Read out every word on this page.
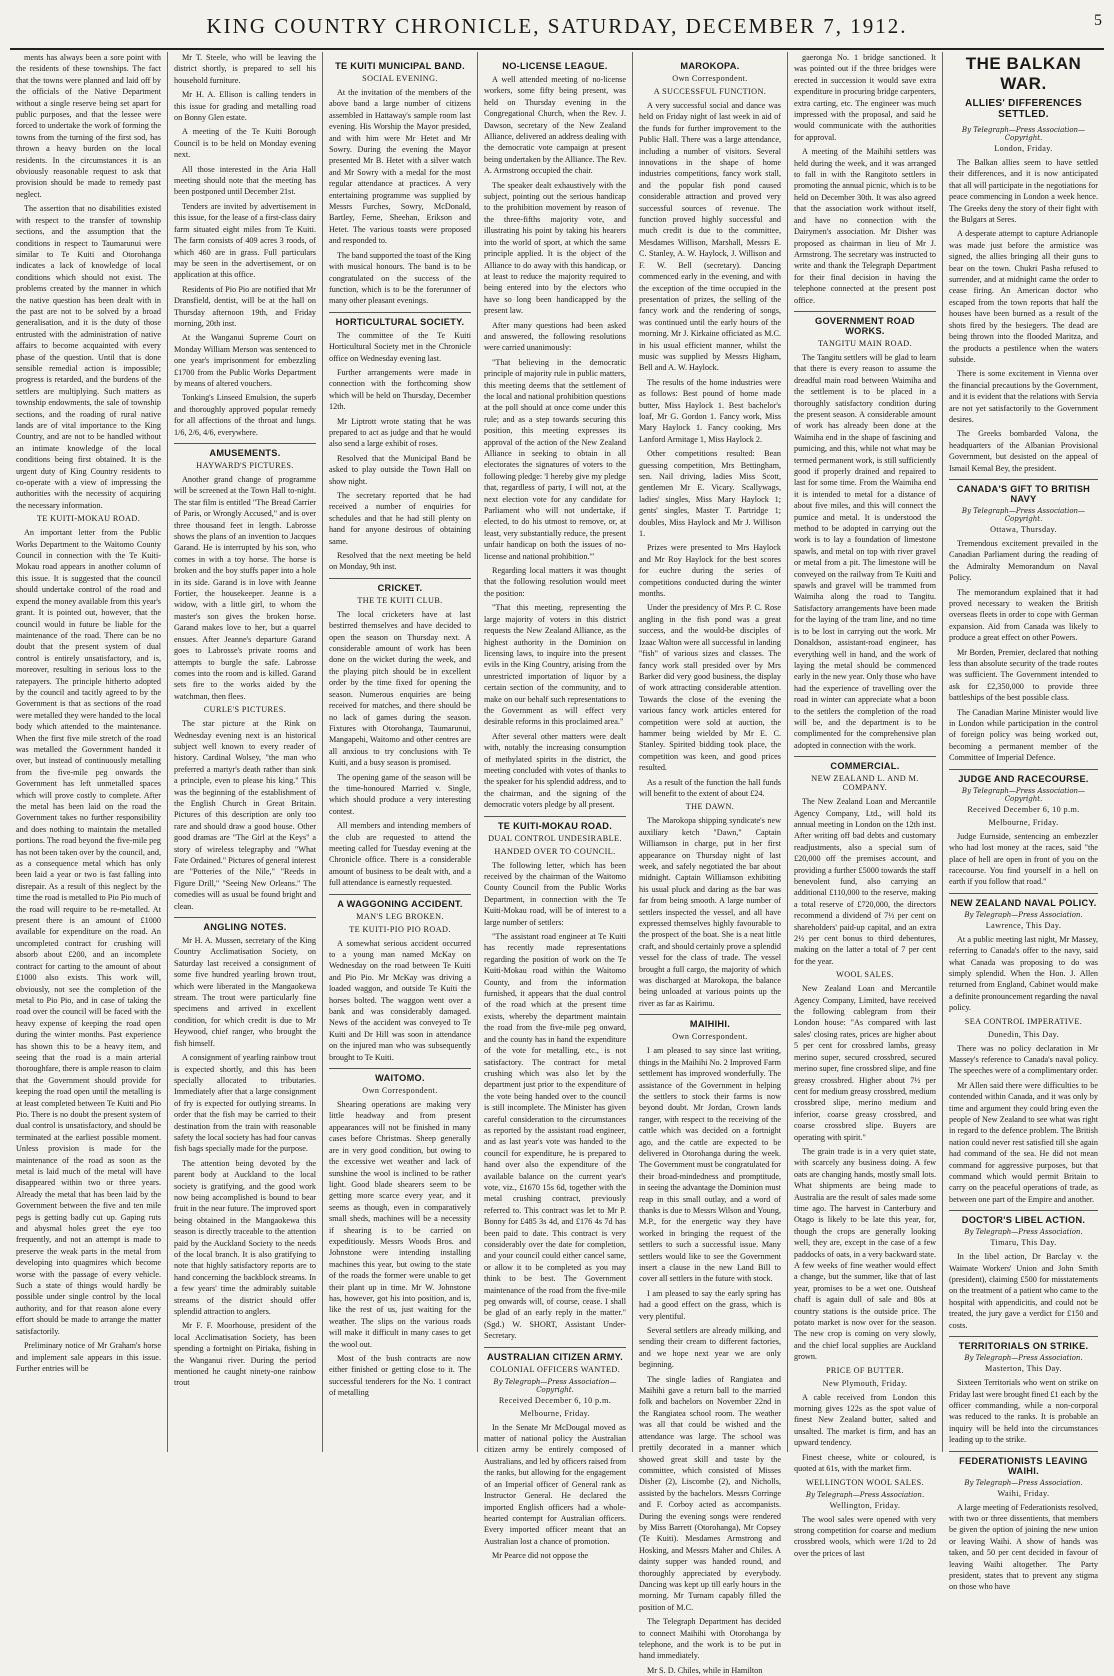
KING COUNTRY CHRONICLE, SATURDAY, DECEMBER 7, 1912.	5

ments has always been a sore point with the residents of these townships. The fact that the towns were planned and laid off by the officials of the Native Department without a single reserve being set apart for public purposes, and that the lessee were forced to undertake the work of forming the towns from the turning of the first sod, has thrown a heavy burden on the local residents. In the circumstances it is an obviously reasonable request to ask that provision should be made to remedy past neglect.

The assertion that no disabilities existed with respect to the transfer of township sections, and the assumption that the conditions in respect to Taumarunui were similar to Te Kuiti and Otorohanga indicates a lack of knowledge of local conditions which should not exist. The problems created by the manner in which the native question has been dealt with in the past are not to be solved by a broad generalisation, and it is the duty of those entrusted with the administration of native affairs to become acquainted with every phase of the question. Until that is done sensible remedial action is impossible; progress is retarded, and the burdens of the settlers are multiplying. Such matters as township endowments, the sale of township sections, and the roading of rural native lands are of vital importance to the King Country, and are not to be handled without an intimate knowledge of the local conditions being first obtained. It is the urgent duty of King Country residents to co-operate with a view of impressing the authorities with the necessity of acquiring the necessary information.

TE KUITI-MOKAU ROAD.

An important letter from the Public Works Department to the Waitomo County Council in connection with the Te Kuiti-Mokau road appears in another column of this issue. It is suggested that the council should undertake control of the road and expend the money available from this year's grant. It is pointed out, however, that the council would in future be liable for the maintenance of the road. There can be no doubt that the present system of dual control is entirely unsatisfactory, and is, moreover, resulting in serious loss to the ratepayers. The principle hitherto adopted by the council and tacitly agreed to by the Government is that as sections of the road were metalled they were handed to the local body which attended to the maintenance. When the first five mile stretch of the road was metalled the Government handed it over, but instead of continuously metalling from the five-mile peg onwards the Government has left unmetalled spaces which will prove costly to complete. After the metal has been laid on the road the Government takes no further responsibility and does nothing to maintain the metalled portions. The road beyond the five-mile peg has not been taken over by the council, and, as a consequence metal which has only been laid a year or two is fast falling into disrepair. As a result of this neglect by the time the road is metalled to Pio Pio much of the road will require to be re-metalled. At present there is an amount of £1000 available for expenditure on the road. An uncompleted contract for crushing will absorb about £200, and an incomplete contract for carting to the amount of about £1000 also exists. This work will, obviously, not see the completion of the metal to Pio Pio, and in case of taking the road over the council will be faced with the heavy expense of keeping the road open during the winter months. Past experience has shown this to be a heavy item, and seeing that the road is a main arterial thoroughfare, there is ample reason to claim that the Government should provide for keeping the road open until the metalling is at least completed between Te Kuiti and Pio Pio. There is no doubt the present system of dual control is unsatisfactory, and should be terminated at the earliest possible moment. Unless provision is made for the maintenance of the road as soon as the metal is laid much of the metal will have disappeared within two or three years. Already the metal that has been laid by the Government between the five and ten mile pegs is getting badly cut up. Gaping ruts and abysmal holes greet the eye too frequently, and not an attempt is made to preserve the weak parts in the metal from developing into quagmires which become worse with the passage of every vehicle. Such a state of things would hardly be possible under single control by the local authority, and for that reason alone every effort should be made to arrange the matter satisfactorily.

Preliminary notice of Mr Graham's horse and implement sale appears in this issue. Further entries will be

Mr T. Steele, who will be leaving the district shortly, is prepared to sell his household furniture.

Mr H. A. Ellison is calling tenders in this issue for grading and metalling road on Bonny Glen estate.

A meeting of the Te Kuiti Borough Council is to be held on Monday evening next.

All those interested in the Aria Hall meeting should note that the meeting has been postponed until December 21st.

Tenders are invited by advertisement in this issue, for the lease of a first-class dairy farm situated eight miles from Te Kuiti. The farm consists of 409 acres 3 roods, of which 460 are in grass. Full particulars may be seen in the advertisement, or on application at this office.

Residents of Pio Pio are notified that Mr Dransfield, dentist, will be at the hall on Thursday afternoon 19th, and Friday morning, 20th inst.

At the Wanganui Supreme Court on Monday William Merson was sentenced to one year's imprisonment for embezzling £1700 from the Public Works Department by means of altered vouchers.

Tonking's Linseed Emulsion, the superb and thoroughly approved popular remedy for all affections of the throat and lungs. 1/6, 2/6, 4/6, everywhere.

AMUSEMENTS.
HAYWARD'S PICTURES.

Another grand change of programme will be screened at the Town Hall to-night. The star film is entitled "The Bread Carrier of Paris, or Wrongly Accused," and is over three thousand feet in length. Labrosse shows the plans of an invention to Jacques Garand. He is interrupted by his son, who comes in with a toy horse. The horse is broken and the boy stuffs paper into a hole in its side. Garand is in love with Jeanne Fortier, the housekeeper. Jeanne is a widow, with a little girl, to whom the master's son gives the broken horse. Garand makes love to her, but a quarrel ensues. After Jeanne's departure Garand goes to Labrosse's private rooms and attempts to burgle the safe. Labrosse comes into the room and is killed. Garand sets fire to the works aided by the watchman, then flees.

CURLE'S PICTURES.

The star picture at the Rink on Wednesday evening next is an historical subject well known to every reader of history. Cardinal Wolsey, "the man who preferred a martyr's death rather than sink a principle, even to please his king." This was the beginning of the establishment of the English Church in Great Britain. Pictures of this description are only too rare and should draw a good house. Other good dramas are "The Girl at the Keys" a story of wireless telegraphy and "What Fate Ordained." Pictures of general interest are "Potteries of the Nile," "Reeds in Figure Drill," "Seeing New Orleans." The comedies will as usual be found bright and clean.

ANGLING NOTES.

Mr H. A. Mussen, secretary of the King Country Acclimatisation Society, on Saturday last received a consignment of some five hundred yearling brown trout, which were liberated in the Mangaokewa stream. The trout were particularly fine specimens and arrived in excellent condition, for which credit is due to Mr Heywood, chief ranger, who brought the fish himself.

A consignment of yearling rainbow trout is expected shortly, and this has been specially allocated to tributaries. Immediately after that a large consignment of fry is expected for outlying streams. In order that the fish may be carried to their destination from the train with reasonable safety the local society has had four canvas fish bags specially made for the purpose.

The attention being devoted by the parent body at Auckland to the local society is gratifying, and the good work now being accomplished is bound to bear fruit in the near future. The improved sport being obtained in the Mangaokewa this season is directly traceable to the attention paid by the Auckland Society to the needs of the local branch. It is also gratifying to note that highly satisfactory reports are to hand concerning the backblock streams. In a few years' time the admirably suitable streams of the district should offer splendid attraction to anglers.

Mr F. F. Moorhouse, president of the local Acclimatisation Society, has been spending a fortnight on Piriaka, fishing in the Wanganui river. During the period mentioned he caught ninety-one rainbow trout

TE KUITI MUNICIPAL BAND.
SOCIAL EVENING.

At the invitation of the members of the above band a large number of citizens assembled in Hattaway's sample room last evening. His Worship the Mayor presided, and with him were Mr Hetet and Mr Sowry. During the evening the Mayor presented Mr B. Hetet with a silver watch and Mr Sowry with a medal for the most regular attendance at practices. A very entertaining programme was supplied by Messrs Furches, Sowry, McDonald, Bartley, Ferne, Sheehan, Erikson and Hetet. The various toasts were proposed and responded to.

The band supported the toast of the King with musical honours. The band is to be congratulated on the success of the function, which is to be the forerunner of many other pleasant evenings.

HORTICULTURAL SOCIETY.

The committee of the Te Kuiti Horticultural Society met in the Chronicle office on Wednesday evening last.

Further arrangements were made in connection with the forthcoming show which will be held on Thursday, December 12th.

Mr Liptrott wrote stating that he was prepared to act as judge and that he would also send a large exhibit of roses.

Resolved that the Municipal Band be asked to play outside the Town Hall on show night.

The secretary reported that he had received a number of enquiries for schedules and that he had still plenty on hand for anyone desirous of obtaining same.

Resolved that the next meeting be held on Monday, 9th inst.

CRICKET.
THE TE KUITI CLUB.

The local cricketers have at last bestirred themselves and have decided to open the season on Thursday next. A considerable amount of work has been done on the wicket during the week, and the playing pitch should be in excellent order by the time fixed for opening the season. Numerous enquiries are being received for matches, and there should be no lack of games during the season. Fixtures with Otorohanga, Taumarunui, Mangapehi, Waitomo and other centres are all anxious to try conclusions with Te Kuiti, and a busy season is promised.

The opening game of the season will be the time-honoured Married v. Single, which should produce a very interesting contest.

All members and intending members of the club are requested to attend the meeting called for Tuesday evening at the Chronicle office. There is a considerable amount of business to be dealt with, and a full attendance is earnestly requested.

A WAGGONING ACCIDENT.
MAN'S LEG BROKEN.
TE KUITI-PIO PIO ROAD.

A somewhat serious accident occurred to a young man named McKay on Wednesday on the road between Te Kuiti and Pio Pio. Mr McKay was driving a loaded waggon, and outside Te Kuiti the horses bolted. The waggon went over a bank and was considerably damaged. News of the accident was conveyed to Te Kuiti and Dr Hill was soon in attendance on the injured man who was subsequently brought to Te Kuiti.

WAITOMO.
Own Correspondent.

Shearing operations are making very little headway and from present appearances will not be finished in many cases before Christmas. Sheep generally are in very good condition, but owing to the excessive wet weather and lack of sunshine the wool is inclined to be rather light. Good blade shearers seem to be getting more scarce every year, and it seems as though, even in comparatively small sheds, machines will be a necessity if shearing is to be carried on expeditiously. Messrs Woods Bros. and Johnstone were intending installing machines this year, but owing to the state of the roads the former were unable to get their plant up in time. Mr W. Johnstone has, however, got his into position, and is, like the rest of us, just waiting for the weather. The slips on the various roads will make it difficult in many cases to get the wool out.

Most of the bush contracts are now either finished or getting close to it. The successful tenderers for the No. 1 contract of metalling

NO-LICENSE LEAGUE.

A well attended meeting of no-license workers, some fifty being present, was held on Thursday evening in the Congregational Church, when the Rev. J. Dawson, secretary of the New Zealand Alliance, delivered an address dealing with the democratic vote campaign at present being undertaken by the Alliance. The Rev. A. Armstrong occupied the chair.

The speaker dealt exhaustively with the subject, pointing out the serious handicap to the prohibition movement by reason of the three-fifths majority vote, and illustrating his point by taking his hearers into the world of sport, at which the same principle applied. It is the object of the Alliance to do away with this handicap, or at least to reduce the majority required to being entered into by the electors who have so long been handicapped by the present law.

After many questions had been asked and answered, the following resolutions were carried unanimously:

"That believing in the democratic principle of majority rule in public matters, this meeting deems that the settlement of the local and national prohibition questions at the poll should at once come under this rule; and as a step towards securing this position, this meeting expresses its approval of the action of the New Zealand Alliance in seeking to obtain in all electorates the signatures of voters to the following pledge: 'I hereby give my pledge that, regardless of party, I will not, at the next election vote for any candidate for Parliament who will not undertake, if elected, to do his utmost to remove, or, at least, very substantially reduce, the present unfair handicap on both the issues of no-license and national prohibition.'"

Regarding local matters it was thought that the following resolution would meet the position:

"That this meeting, representing the large majority of voters in this district requests the New Zealand Alliance, as the highest authority in the Dominion on licensing laws, to inquire into the present evils in the King Country, arising from the unrestricted importation of liquor by a certain section of the community, and to make on our behalf such representations to the Government as will effect very desirable reforms in this proclaimed area."

After several other matters were dealt with, notably the increasing consumption of methylated spirits in the district, the meeting concluded with votes of thanks to the speaker for his splendid address, and to the chairman, and the signing of the democratic voters pledge by all present.

TE KUITI-MOKAU ROAD.
DUAL CONTROL UNDESIRABLE.
HANDED OVER TO COUNCIL.

The following letter, which has been received by the chairman of the Waitomo County Council from the Public Works Department, in connection with the Te Kuiti-Mokau road, will be of interest to a large number of settlers:

"The assistant road engineer at Te Kuiti has recently made representations regarding the position of work on the Te Kuiti-Mokau road within the Waitomo County, and from the information furnished, it appears that the dual control of the road which at the present time exists, whereby the department maintain the road from the five-mile peg onward, and the county has in hand the expenditure of the vote for metalling, etc., is not satisfactory. The contract for metal crushing which was also let by the department just prior to the expenditure of the vote being handed over to the council is still incomplete. The Minister has given careful consideration to the circumstances as reported by the assistant road engineer, and as last year's vote was handed to the council for expenditure, he is prepared to hand over also the expenditure of the available balance on the current year's vote, viz., £1670 15s 6d, together with the metal crushing contract, previously referred to. This contract was let to Mr P. Bonny for £485 3s 4d, and £176 4s 7d has been paid to date. This contract is very considerably over the date for completion, and your council could either cancel same, or allow it to be completed as you may think to be best. The Government maintenance of the road from the five-mile peg onwards will, of course, cease. I shall be glad of an early reply in the matter." (Sgd.) W. SHORT, Assistant Under-Secretary.

AUSTRALIAN CITIZEN ARMY.
COLONIAL OFFICERS WANTED.
By Telegraph—Press Association—Copyright.
Received December 6, 10 p.m.
Melbourne, Friday.

In the Senate Mr McDougal moved as matter of national policy the Australian citizen army be entirely composed of Australians, and led by officers raised from the ranks, but allowing for the engagement of an Imperial officer of General rank as Instructor General. He declared the imported English officers had a whole-hearted contempt for Australian officers. Every imported officer meant that an Australian lost a chance of promotion.

Mr Pearce did not oppose the

MAROKOPA.
Own Correspondent.
A SUCCESSFUL FUNCTION.

A very successful social and dance was held on Friday night of last week in aid of the funds for further improvement to the Public Hall. There was a large attendance, including a number of visitors. Several innovations in the shape of home industries competitions, fancy work stall, and the popular fish pond caused considerable attraction and proved very successful sources of revenue. The function proved highly successful and much credit is due to the committee, Mesdames Willison, Marshall, Messrs E. C. Stanley, A. W. Haylock, J. Willison and F. W. Bell (secretary). Dancing commenced early in the evening, and with the exception of the time occupied in the presentation of prizes, the selling of the fancy work and the rendering of songs, was continued until the early hours of the morning. Mr J. Kirkaine officiated as M.C. in his usual efficient manner, whilst the music was supplied by Messrs Higham, Bell and A. W. Haylock.

The results of the home industries were as follows: Best pound of home made butter, Miss Haylock 1. Best bachelor's loaf, Mr G. Gordon 1. Fancy work, Miss Mary Haylock 1. Fancy cooking, Mrs Lanford Armitage 1, Miss Haylock 2.

Other competitions resulted: Bean guessing competition, Mrs Bettingham, sen. Nail driving, ladies Miss Scott, gentlemen Mr E. Vicary. Scallywags, ladies' singles, Miss Mary Haylock 1; gents' singles, Master T. Partridge 1; doubles, Miss Haylock and Mr J. Willison 1.

Prizes were presented to Mrs Haylock and Mr Roy Haylock for the best scores for euchre during the series of competitions conducted during the winter months.

Under the presidency of Mrs P. C. Rose angling in the fish pond was a great success, and the would-be disciples of Izaac Walton were all successful in landing "fish" of various sizes and classes. The fancy work stall presided over by Mrs Barker did very good business, the display of work attracting considerable attention. Towards the close of the evening the various fancy work articles entered for competition were sold at auction, the hammer being wielded by Mr E. C. Stanley. Spirited bidding took place, the competition was keen, and good prices resulted.

As a result of the function the hall funds will benefit to the extent of about £24.

THE DAWN.

The Marokopa shipping syndicate's new auxiliary ketch "Dawn," Captain Williamson in charge, put in her first appearance on Thursday night of last week, and safely negotiated the bar about midnight. Captain Williamson exhibiting his usual pluck and daring as the bar was far from being smooth. A large number of settlers inspected the vessel, and all have expressed themselves highly favourable to the prospect of the boat. She is a neat little craft, and should certainly prove a splendid vessel for the class of trade. The vessel brought a full cargo, the majority of which was discharged at Marokopa, the balance being unloaded at various points up the river as far as Kairimu.

MAIHIHI.
Own Correspondent.

I am pleased to say since last writing, things in the Maihihi No. 2 Improved Farm settlement has improved wonderfully. The assistance of the Government in helping the settlers to stock their farms is now beyond doubt. Mr Jordan, Crown lands ranger, with respect to the receiving of the cattle which was decided on a fortnight ago, and the cattle are expected to be delivered in Otorohanga during the week. The Government must be congratulated for their broad-mindedness and promptitude, in seeing the advantage the Dominion must reap in this small outlay, and a word of thanks is due to Messrs Wilson and Young, M.P., for the energetic way they have worked in bringing the request of the settlers to such a successful issue. Many settlers would like to see the Government insert a clause in the new Land Bill to cover all settlers in the future with stock.

I am pleased to say the early spring has had a good effect on the grass, which is very plentiful.

Several settlers are already milking, and sending their cream to different factories, and we hope next year we are only beginning.

The single ladies of Rangiatea and Maihihi gave a return ball to the married folk and bachelors on November 22nd in the Rangiatea school room. The weather was all that could be wished and the attendance was large. The school was prettily decorated in a manner which showed great skill and taste by the committee, which consisted of Misses Disher (2), Liscombe (2), and Nicholls, assisted by the bachelors. Messrs Corringe and F. Corboy acted as accompanists. During the evening songs were rendered by Miss Barrett (Otorohanga), Mr Copsey (Te Kuiti). Mesdames Armstrong and Hosking, and Messrs Maher and Chiles. A dainty supper was handed round, and thoroughly appreciated by everybody. Dancing was kept up till early hours in the morning. Mr Turnam capably filled the position of M.C.

The Telegraph Department has decided to connect Maihihi with Otorohanga by telephone, and the work is to be put in hand immediately.

Mr S. D. Chiles, while in Hamilton

gaeronga No. 1 bridge sanctioned. It was pointed out if the three bridges were erected in succession it would save extra expenditure in procuring bridge carpenters, extra carting, etc. The engineer was much impressed with the proposal, and said he would communicate with the authorities for approval.

A meeting of the Maihihi settlers was held during the week, and it was arranged to fall in with the Rangitoto settlers in promoting the annual picnic, which is to be held on December 30th. It was also agreed that the association work without itself, and have no connection with the Dairymen's association. Mr Disher was proposed as chairman in lieu of Mr J. Armstrong. The secretary was instructed to write and thank the Telegraph Department for their final decision in having the telephone connected at the present post office.

GOVERNMENT ROAD WORKS.
TANGITU MAIN ROAD.

The Tangitu settlers will be glad to learn that there is every reason to assume the dreadful main road between Waimiha and the settlement is to be placed in a thoroughly satisfactory condition during the present season. A considerable amount of work has already been done at the Waimiha end in the shape of fascining and pumicing, and this, while not what may be termed permanent work, is still sufficiently good if properly drained and repaired to last for some time. From the Waimiha end it is intended to metal for a distance of about five miles, and this will connect the pumice and metal. It is understood the method to be adopted in carrying out the work is to lay a foundation of limestone spawls, and metal on top with river gravel or metal from a pit. The limestone will be conveyed on the railway from Te Kuiti and spawls and gravel will be trammed from Waimiha along the road to Tangitu. Satisfactory arrangements have been made for the laying of the tram line, and no time is to be lost in carrying out the work. Mr Donaldson, assistant-road engineer, has everything well in hand, and the work of laying the metal should be commenced early in the new year. Only those who have had the experience of travelling over the road in winter can appreciate what a boon to the settlers the completion of the road will be, and the department is to be complimented for the comprehensive plan adopted in connection with the work.

COMMERCIAL.
NEW ZEALAND L. AND M. COMPANY.

The New Zealand Loan and Mercantile Agency Company, Ltd., will hold its annual meeting in London on the 12th inst. After writing off bad debts and customary readjustments, also a special sum of £20,000 off the premises account, and providing a further £5000 towards the staff benevolent fund, also carrying an additional £110,000 to the reserve, making a total reserve of £720,000, the directors recommend a dividend of 7½ per cent on shareholders' paid-up capital, and an extra 2½ per cent bonus to third debentures, making on the latter a total of 7 per cent for the year.

WOOL SALES.

New Zealand Loan and Mercantile Agency Company, Limited, have received the following cablegram from their London house: "As compared with last sales' closing rates, prices are higher about 5 per cent for crossbred lambs, greasy merino super, secured crossbred, secured merino super, fine crossbred slipe, and fine greasy crossbred. Higher about 7½ per cent for medium greasy crossbred, medium crossbred slipe, merino medium and inferior, coarse greasy crossbred, and coarse crossbred slipe. Buyers are operating with spirit."

The grain trade is in a very quiet state, with scarcely any business doing. A few oats are changing hands, mostly small lots. What shipments are being made to Australia are the result of sales made some time ago. The harvest in Canterbury and Otago is likely to be late this year, for, though the crops are generally looking well, they are, except in the case of a few paddocks of oats, in a very backward state. A few weeks of fine weather would effect a change, but the summer, like that of last year, promises to be a wet one. Outsheaf chaff is again dull of sale and 80s at country stations is the outside price. The potato market is now over for the season. The new crop is coming on very slowly, and the chief local supplies are Auckland grown.

PRICE OF BUTTER.
New Plymouth, Friday.

A cable received from London this morning gives 122s as the spot value of finest New Zealand butter, salted and unsalted. The market is firm, and has an upward tendency.

Finest cheese, white or coloured, is quoted at 61s, with the market firm.

WELLINGTON WOOL SALES.
By Telegraph—Press Association.
Wellington, Friday.

The wool sales were opened with very strong competition for coarse and medium crossbred wools, which were 1/2d to 2d over the prices of last

THE BALKAN WAR.
ALLIES' DIFFERENCES SETTLED.
By Telegraph—Press Association—Copyright.
London, Friday.

The Balkan allies seem to have settled their differences, and it is now anticipated that all will participate in the negotiations for peace commencing in London a week hence. The Greeks deny the story of their fight with the Bulgars at Seres.

A desperate attempt to capture Adrianople was made just before the armistice was signed, the allies bringing all their guns to bear on the town. Chukri Pasha refused to surrender, and at midnight came the order to cease firing. An American doctor who escaped from the town reports that half the houses have been burned as a result of the shots fired by the besiegers. The dead are being thrown into the flooded Maritza, and the products a pestilence when the waters subside.

There is some excitement in Vienna over the financial precautions by the Government, and it is evident that the relations with Servia are not yet satisfactorily to the Government desires.

The Greeks bombarded Valona, the headquarters of the Albanian Provisional Government, but desisted on the appeal of Ismail Kemal Bey, the president.

CANADA'S GIFT TO BRITISH NAVY
By Telegraph—Press Association—Copyright.
Ottawa, Thursday.

Tremendous excitement prevailed in the Canadian Parliament during the reading of the Admiralty Memorandum on Naval Policy.

The memorandum explained that it had proved necessary to weaken the British overseas fleets in order to cope with German expansion. Aid from Canada was likely to produce a great effect on other Powers.

Mr Borden, Premier, declared that nothing less than absolute security of the trade routes was sufficient. The Government intended to ask for £2,350,000 to provide three battleships of the best possible class.

The Canadian Marine Minister would live in London while participation in the control of foreign policy was being worked out, becoming a permanent member of the Committee of Imperial Defence.

JUDGE AND RACECOURSE.
By Telegraph—Press Association—Copyright.
Received December 6, 10 p.m.
Melbourne, Friday.

Judge Eurnside, sentencing an embezzler who had lost money at the races, said "the place of hell are open in front of you on the racecourse. You find yourself in a hell on earth if you follow that road."

NEW ZEALAND NAVAL POLICY.
By Telegraph—Press Association.
Lawrence, This Day.

At a public meeting last night, Mr Massey, referring to Canada's offer to the navy, said what Canada was proposing to do was simply splendid. When the Hon. J. Allen returned from England, Cabinet would make a definite pronouncement regarding the naval policy.

SEA CONTROL IMPERATIVE.
Dunedin, This Day.

There was no policy declaration in Mr Massey's reference to Canada's naval policy. The speeches were of a complimentary order.

Mr Allen said there were difficulties to be contended within Canada, and it was only by time and argument they could bring even the people of New Zealand to see what was right in regard to the defence problem. The British nation could never rest satisfied till she again had command of the sea. He did not mean command for aggressive purposes, but that command which would permit Britain to carry on the peaceful operations of trade, as between one part of the Empire and another.

DOCTOR'S LIBEL ACTION.
By Telegraph—Press Association.
Timaru, This Day.

In the libel action, Dr Barclay v. the Waimate Workers' Union and John Smith (president), claiming £500 for misstatements on the treatment of a patient who came to the hospital with appendicitis, and could not be treated, the jury gave a verdict for £150 and costs.

TERRITORIALS ON STRIKE.
By Telegraph—Press Association.
Masterton, This Day.

Sixteen Territorials who went on strike on Friday last were brought fined £1 each by the officer commanding, while a non-corporal was reduced to the ranks. It is probable an inquiry will be held into the circumstances leading up to the strike.

FEDERATIONISTS LEAVING WAIHI.
By Telegraph—Press Association.
Waihi, Friday.

A large meeting of Federationists resolved, with two or three dissentients, that members be given the option of joining the new union or leaving Waihi. A show of hands was taken, and 50 per cent decided in favour of leaving Waihi altogether. The Party president, states that to prevent any stigma on those who have
